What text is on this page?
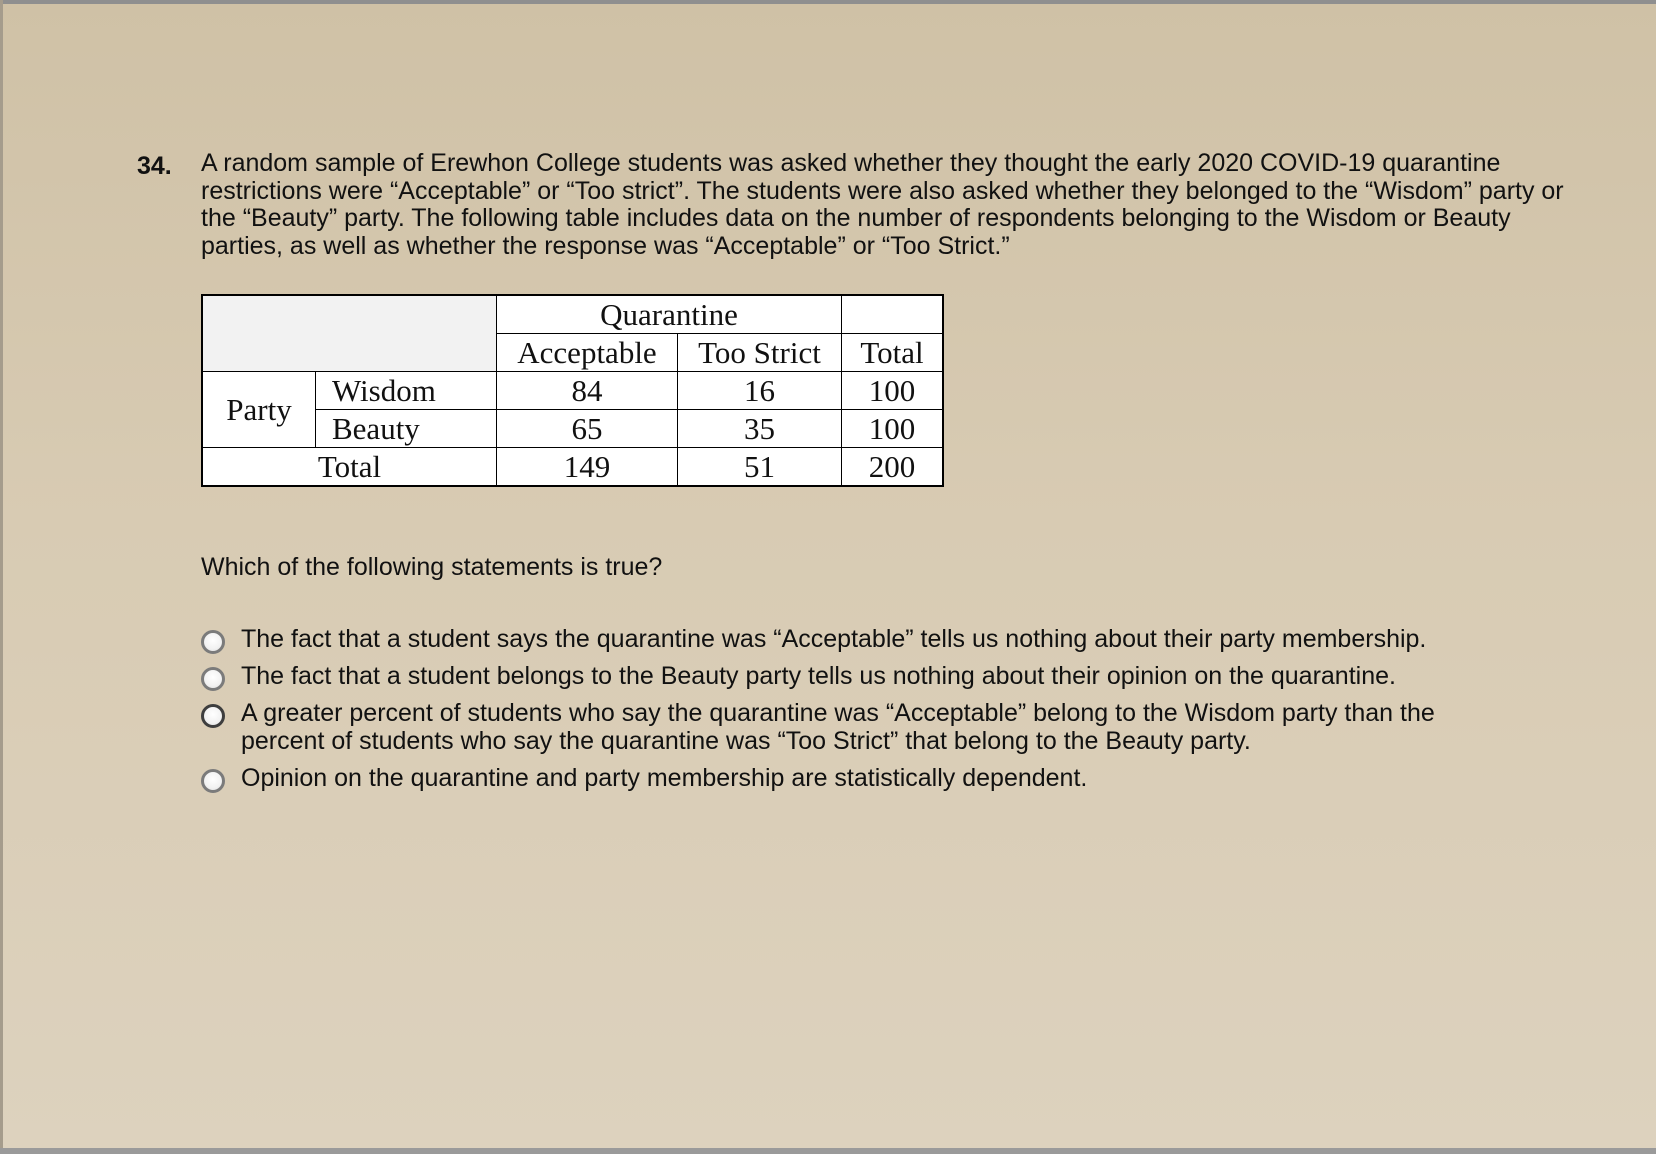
34. A random sample of Erewhon College students was asked whether they thought the early 2020 COVID-19 quarantine restrictions were “Acceptable” or “Too strict”. The students were also asked whether they belonged to the “Wisdom” party or the “Beauty” party. The following table includes data on the number of respondents belonging to the Wisdom or Beauty parties, as well as whether the response was “Acceptable” or “Too Strict.”
		Quarantine		
		Acceptable	Too Strict	Total
Party	Wisdom	84	16	100
	Beauty	65	35	100
Total		149	51	200
Which of the following statements is true?
The fact that a student says the quarantine was “Acceptable” tells us nothing about their party membership.
The fact that a student belongs to the Beauty party tells us nothing about their opinion on the quarantine.
A greater percent of students who say the quarantine was “Acceptable” belong to the Wisdom party than the percent of students who say the quarantine was “Too Strict” that belong to the Beauty party.
Opinion on the quarantine and party membership are statistically dependent.
